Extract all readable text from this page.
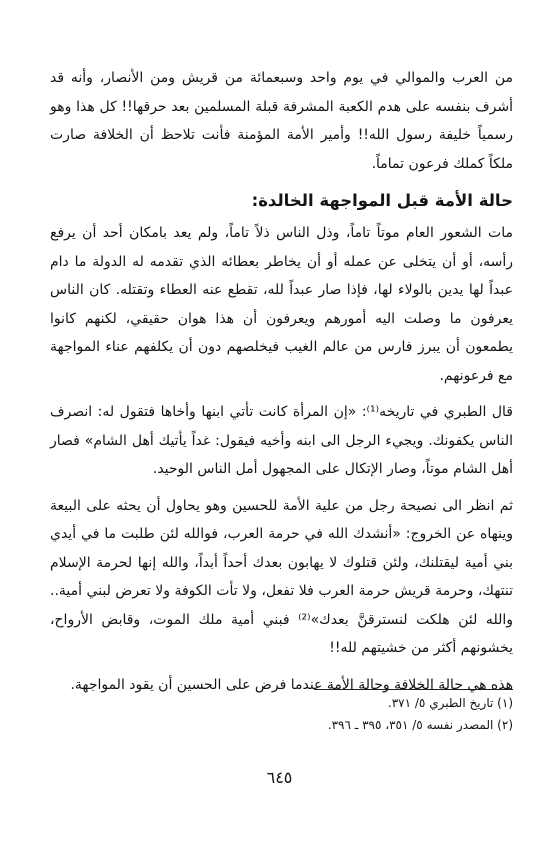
من العرب والموالي في يوم واحد وسبعمائة من قريش ومن الأنصار، وأنه قد أشرف بنفسه على هدم الكعبة المشرفة قبلة المسلمين بعد حرقها!! كل هذا وهو رسمياً خليفة رسول الله!! وأمير الأمة المؤمنة فأنت تلاحظ أن الخلافة صارت ملكاً كملك فرعون تماماً.

حالة الأمة قبل المواجهة الخالدة:

مات الشعور العام موتاً تاماً، وذل الناس ذلاً تاماً، ولم يعد بامكان أحد أن يرفع رأسه، أو أن يتخلى عن عمله أو أن يخاطر بعطائه الذي تقدمه له الدولة ما دام عبداً لها يدين بالولاء لها، فإذا صار عبداً لله، تقطع عنه العطاء وتقتله. كان الناس يعرفون ما وصلت اليه أمورهم ويعرفون أن هذا هوان حقيقي، لكنهم كانوا يطمعون أن يبرز فارس من عالم الغيب فيخلصهم دون أن يكلفهم عناء المواجهة مع فرعونهم.

قال الطبري في تاريخه⁽¹⁾: «إن المرأة كانت تأتي ابنها وأخاها فتقول له: انصرف الناس يكفونك. ويجيء الرجل الى ابنه وأخيه فيقول: غداً يأتيك أهل الشام» فصار أهل الشام موتاً، وصار الإتكال على المجهول أمل الناس الوحيد.

ثم انظر الى نصيحة رجل من علية الأمة للحسين وهو يحاول أن يحثه على البيعة وينهاه عن الخروج: «أنشدك الله في حرمة العرب، فوالله لئن طلبت ما في أيدي بني أمية ليقتلنك، ولئن قتلوك لا يهابون بعدك أحداً أبداً، والله إنها لحرمة الإسلام تنتهك، وحرمة قريش حرمة العرب فلا تفعل، ولا تأت الكوفة ولا تعرض لبني أمية.. والله لئن هلكت لنسترقنَّ بعدك»⁽²⁾ فبني أمية ملك الموت، وقابض الأرواح، يخشونهم أكثر من خشيتهم لله!!

هذه هي حالة الخلافة وحالة الأمة عندما فرض على الحسين أن يقود المواجهة.

(١) تاريخ الطبري ٥/ ٣٧١.
(٢) المصدر نفسه ٥/ ٣٥١، ٣٩٥ ـ ٣٩٦.
٦٤٥
